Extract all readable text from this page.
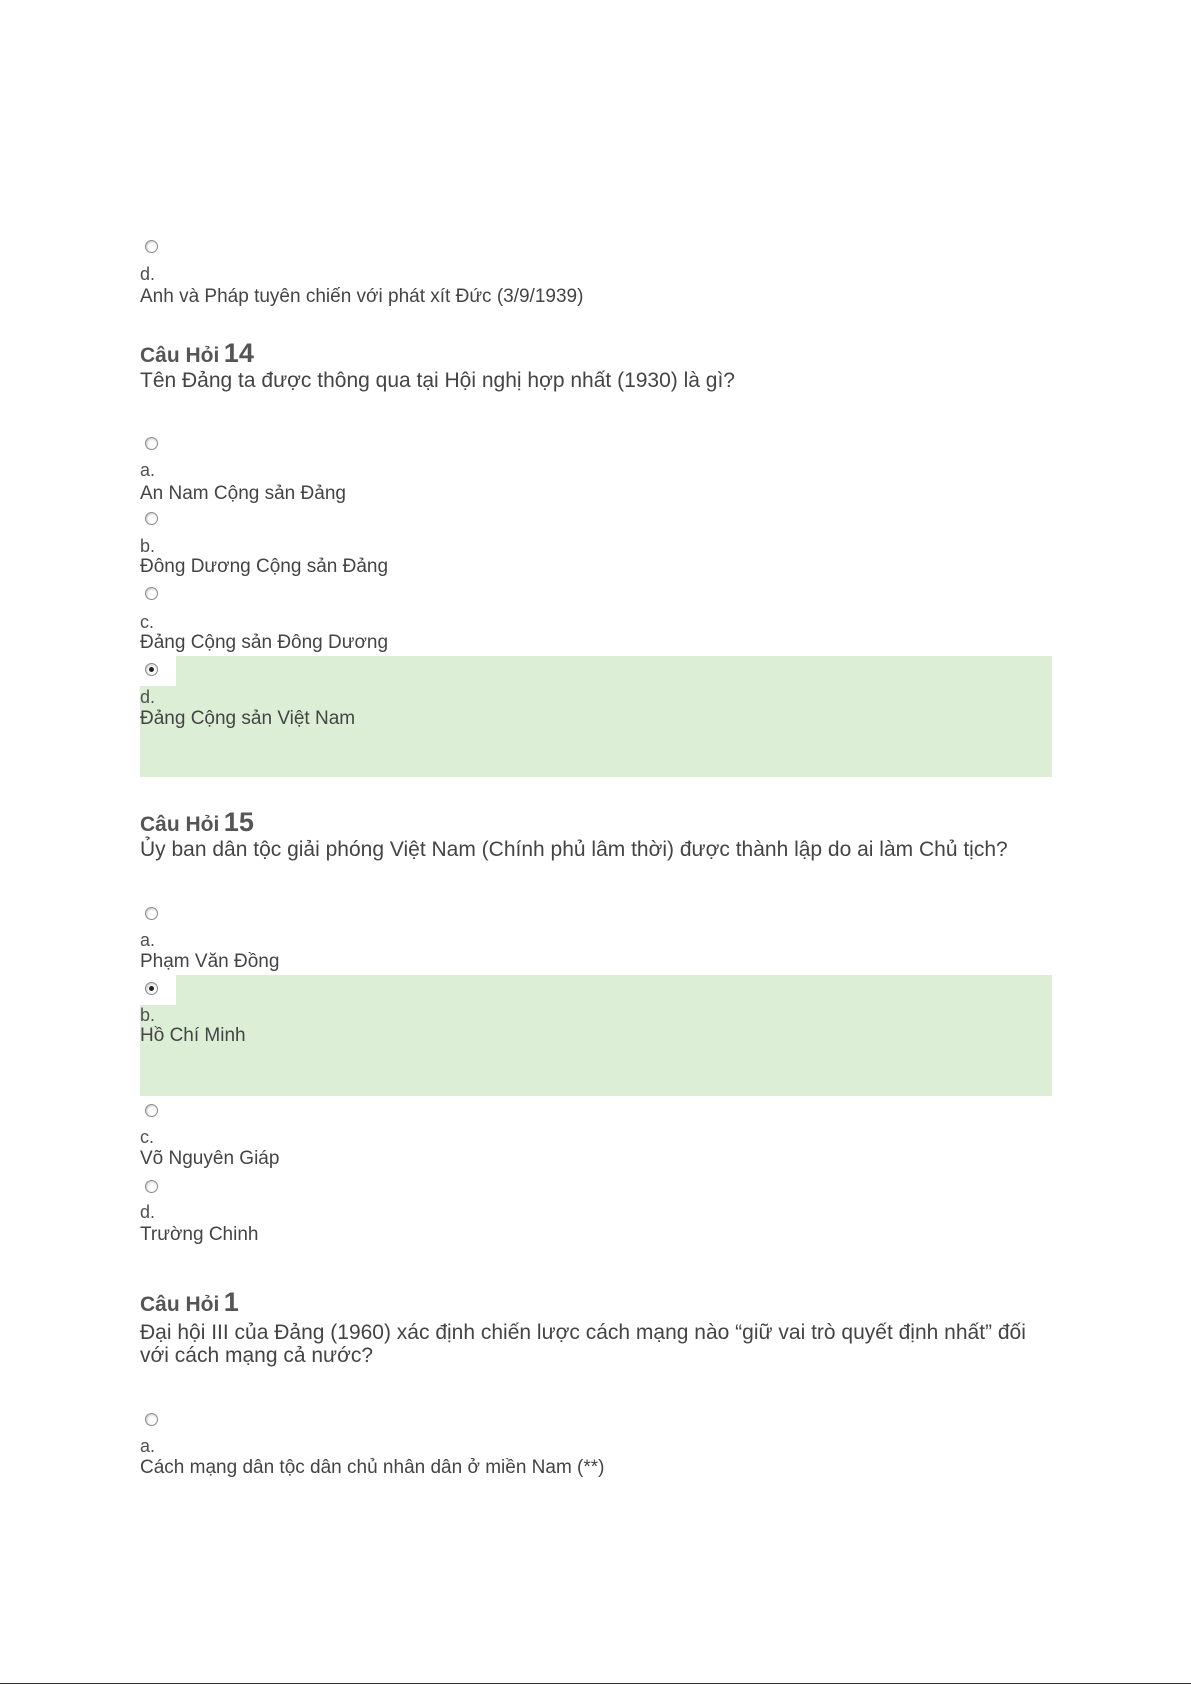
d.
Anh và Pháp tuyên chiến với phát xít Đức (3/9/1939)
Câu Hỏi 14
Tên Đảng ta được thông qua tại Hội nghị hợp nhất (1930) là gì?
a.
An Nam Cộng sản Đảng
b.
Đông Dương Cộng sản Đảng
c.
Đảng Cộng sản Đông Dương
d.
Đảng Cộng sản Việt Nam
Câu Hỏi 15
Ủy ban dân tộc giải phóng Việt Nam (Chính phủ lâm thời) được thành lập do ai làm Chủ tịch?
a.
Phạm Văn Đồng
b.
Hồ Chí Minh
c.
Võ Nguyên Giáp
d.
Trường Chinh
Câu Hỏi 1
Đại hội III của Đảng (1960) xác định chiến lược cách mạng nào “giữ vai trò quyết định nhất” đối với cách mạng cả nước?
a.
Cách mạng dân tộc dân chủ nhân dân ở miền Nam (**)
